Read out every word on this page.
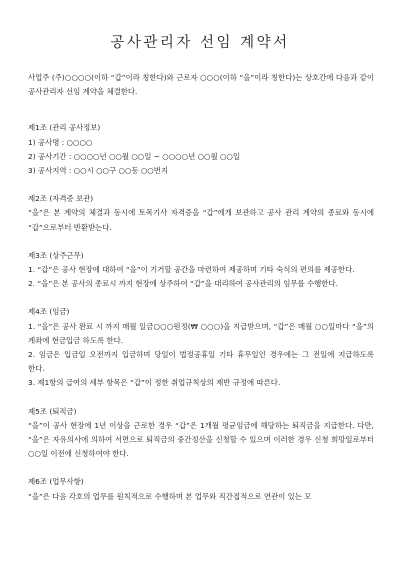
공사관리자 선임 계약서

사업주 (주)○○○○(이하 “갑”이라 칭한다)와 근로자 ○○○(이하 “을”이라 칭한다)는 상호간에 다음과 같이 공사관리자 선임 계약을 체결한다.

제1조 (관리 공사정보)

1) 공사명 : ○○○○

2) 공사기간 : ○○○○년 ○○월 ○○일 ~ ○○○○년 ○○월 ○○일

3) 공사지역 : ○○시 ○○구 ○○동 ○○번지

제2조 (자격증 보관)

“을”은 본 계약의 체결과 동시에 토목기사 자격증을 “갑”에게 보관하고 공사 관리 계약의 종료와 동시에 “갑”으로부터 반환받는다.

제3조 (상주근무)

1. “갑”은 공사 현장에 대하여 “을”이 기거할 공간을 마련하여 제공하며 기타 숙식의 편의를 제공한다.

2. “을”은 본 공사의 종료시 까지 현장에 상주하여 “갑”을 대리하여 공사관리의 임무를 수행한다.

제4조 (임금)

1. “을”은 공사 완료 시 까지 매월 일금○○○원정(₩ ○○○)을 지급받으며, “갑”은 매월 ○○일마다 “을”의 계좌에 현금입금 하도록 한다.

2. 임금은 입금일 오전까지 입금하며 당일이 법정공휴일 기타 휴무일인 경우에는 그 전일에 지급하도록 한다.

3. 제1항의 급여의 세부 항목은 “갑”이 정한 취업규칙상의 제반 규정에 따른다.

제5조 (퇴직금)

“을”이 공사 현장에 1년 이상을 근로한 경우 “갑”은 1개월 평균임금에 해당하는 퇴직금을 지급한다. 다만, “을”은 자유의사에 의하여 서면으로 퇴직금의 중간정산을 신청할 수 있으며 이러한 경우 신청 희망일로부터 ○○일 이전에 신청하여야 한다.

제6조 (업무사항)

“을”은 다음 각호의 업무를 원칙적으로 수행하며 본 업무와 직간접적으로 연관이 있는 모
